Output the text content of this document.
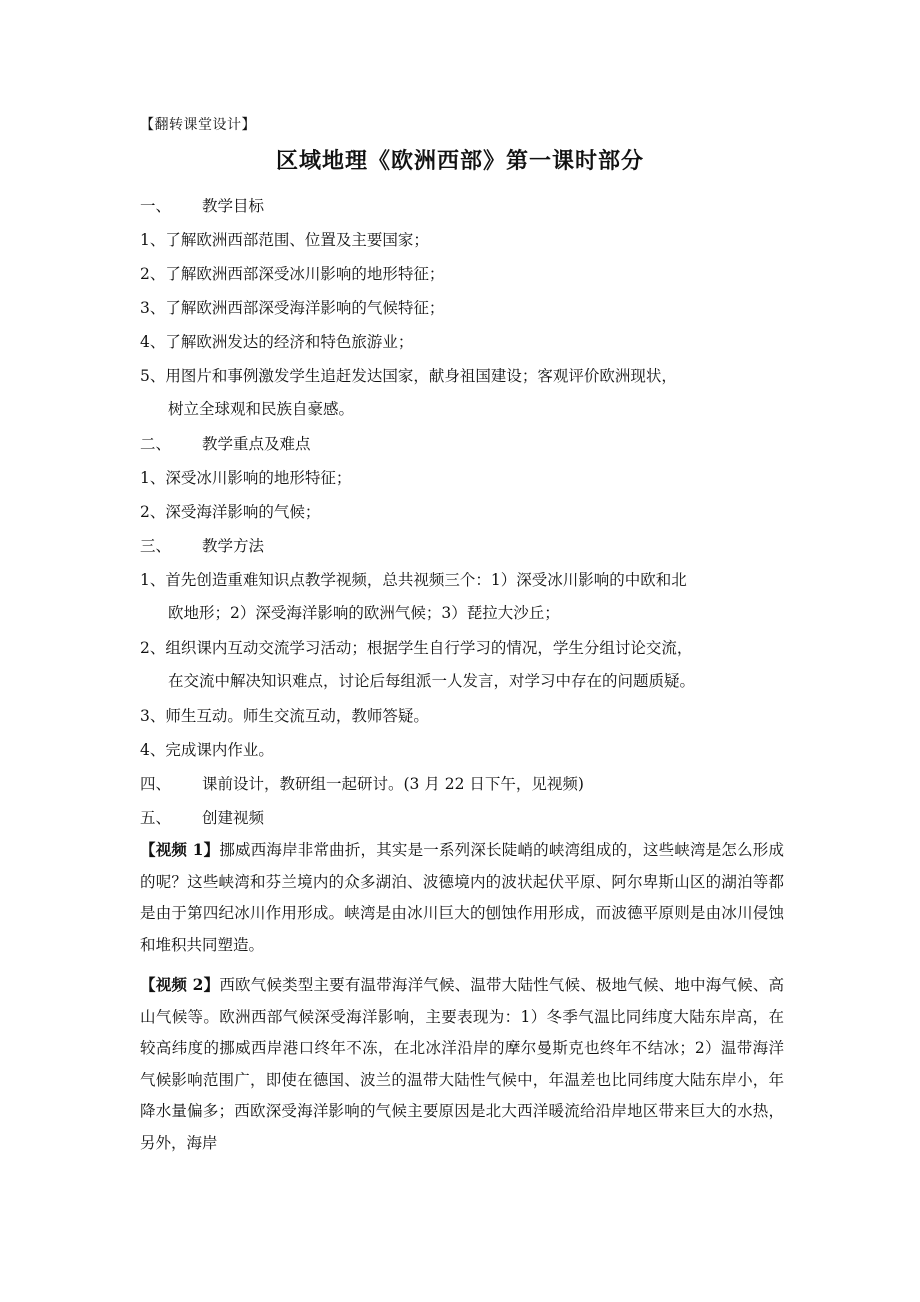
【翻转课堂设计】
区域地理《欧洲西部》第一课时部分
一、 教学目标
1、了解欧洲西部范围、位置及主要国家；
2、了解欧洲西部深受冰川影响的地形特征；
3、了解欧洲西部深受海洋影响的气候特征；
4、了解欧洲发达的经济和特色旅游业；
5、用图片和事例激发学生追赶发达国家，献身祖国建设；客观评价欧洲现状，
树立全球观和民族自豪感。
二、 教学重点及难点
1、深受冰川影响的地形特征；
2、深受海洋影响的气候；
三、 教学方法
1、首先创造重难知识点教学视频，总共视频三个：1）深受冰川影响的中欧和北
欧地形；2）深受海洋影响的欧洲气候；3）琵拉大沙丘；
2、组织课内互动交流学习活动；根据学生自行学习的情况，学生分组讨论交流，
在交流中解决知识难点，讨论后每组派一人发言，对学习中存在的问题质疑。
3、师生互动。师生交流互动，教师答疑。
4、完成课内作业。
四、 课前设计，教研组一起研讨。(3 月 22 日下午，见视频)
五、 创建视频
【视频 1】挪威西海岸非常曲折，其实是一系列深长陡峭的峡湾组成的，这些峡湾是怎么形成的呢？这些峡湾和芬兰境内的众多湖泊、波德境内的波状起伏平原、阿尔卑斯山区的湖泊等都是由于第四纪冰川作用形成。峡湾是由冰川巨大的刨蚀作用形成，而波德平原则是由冰川侵蚀和堆积共同塑造。
【视频 2】西欧气候类型主要有温带海洋气候、温带大陆性气候、极地气候、地中海气候、高山气候等。欧洲西部气候深受海洋影响，主要表现为：1）冬季气温比同纬度大陆东岸高，在较高纬度的挪威西岸港口终年不冻，在北冰洋沿岸的摩尔曼斯克也终年不结冰；2）温带海洋气候影响范围广，即使在德国、波兰的温带大陆性气候中，年温差也比同纬度大陆东岸小，年降水量偏多；西欧深受海洋影响的气候主要原因是北大西洋暖流给沿岸地区带来巨大的水热，另外，海岸
